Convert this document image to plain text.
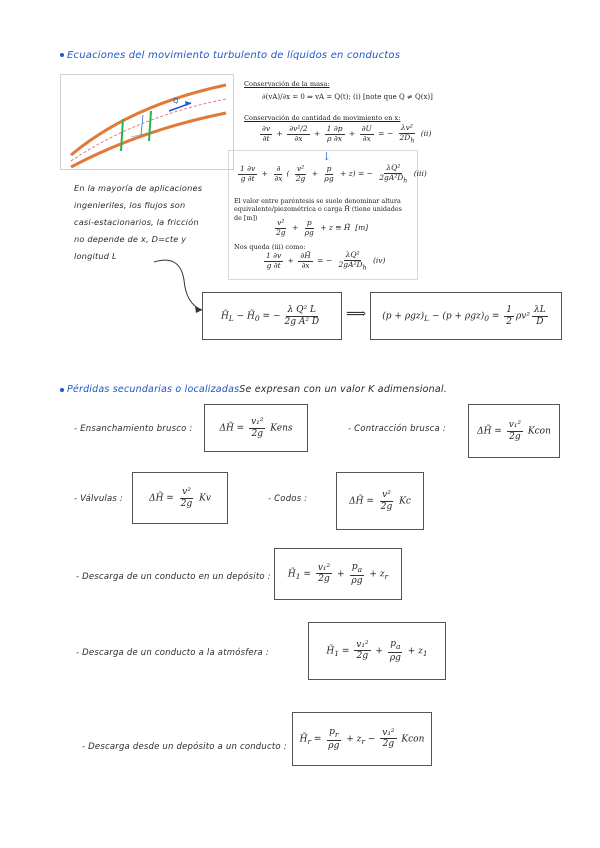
Ecuaciones del movimiento turbulento de líquidos en conductos
Q
Conservación de la masa:
∂(vA)/∂x = 0 ⇒ vA = Q(t); (i) [note que Q ≠ Q(x)]
Conservación de cantidad de movimiento en x:
$\frac{\partial v}{\partial t} + \frac{\text{∂v²/2}}{\partial x} + \frac{1 \partial p}{\rho \partial x} + \frac{\partial U}{\partial x}$ = − $\frac{\text{λv²}}{2D_h} (ii)$
↓
$\frac{1 \partial v}{g \partial t} + \frac{\partial}{\partial x}$ ( $\frac{\text{v²}}{2g} + \frac{p}{\rho g} + z$) = − $\frac{\text{λQ²}}{2gA^2D_h} (iii)$
El valor entre paréntesis se suele denominar altura equivalente/piezométrica o carga H̃ (tiene unidades de [m])
$\frac{\text{v²}}{2g} + \frac{p}{\rho g} + z$ ≡ H̃  [m]
Nos queda (iii) como:
$\frac{1 \partial v}{g \partial t} + \frac{\partial H̃}{\partial x}$ = − $\frac{\text{λQ²}}{2gA^2D_h} (iv)$
En la mayoría de aplicaciones
ingenieriles, los flujos son
casi-estacionarios, la fricción
no depende de x, D=cte y
longitud L
$H̃_L$ − $H̃_0$ = − $\frac{\text{λ Q² L}}{\text{2g A² D}}$ ⟹ $(p + \rho gz)_L - (p + \rho gz)_0 = \frac{1}{2} \rho v^2 \frac{\lambda L}{D}$
Pérdidas secundarias o localizadasSe expresan con un valor K adimensional.
- Ensanchamiento brusco :	ΔH̃ = $\frac{\text{v₁²}}{2g}$ Kens	- Contracción brusca :	ΔH̃ = $\frac{\text{v₁²}}{2g}$ Kcon
- Válvulas :	ΔH̃ = $\frac{\text{v²}}{2g}$ Kv	- Codos :	ΔH̃ = $\frac{\text{v²}}{2g}$ Kc
- Descarga de un conducto en un depósito : $H̃_1 = \frac{\text{v₁²}}{2g} + \frac{p_a}{\rho g} + z_r$
- Descarga de un conducto a la atmósfera :	$H̃_1 = \frac{\text{v₁²}}{2g} + \frac{p_a}{\rho g} + z_1$
- Descarga desde un depósito a un conducto :
$H̃_r = \frac{p_r}{\rho g} + z_r - \frac{\text{v₁²}}{2g}$ Kcon
